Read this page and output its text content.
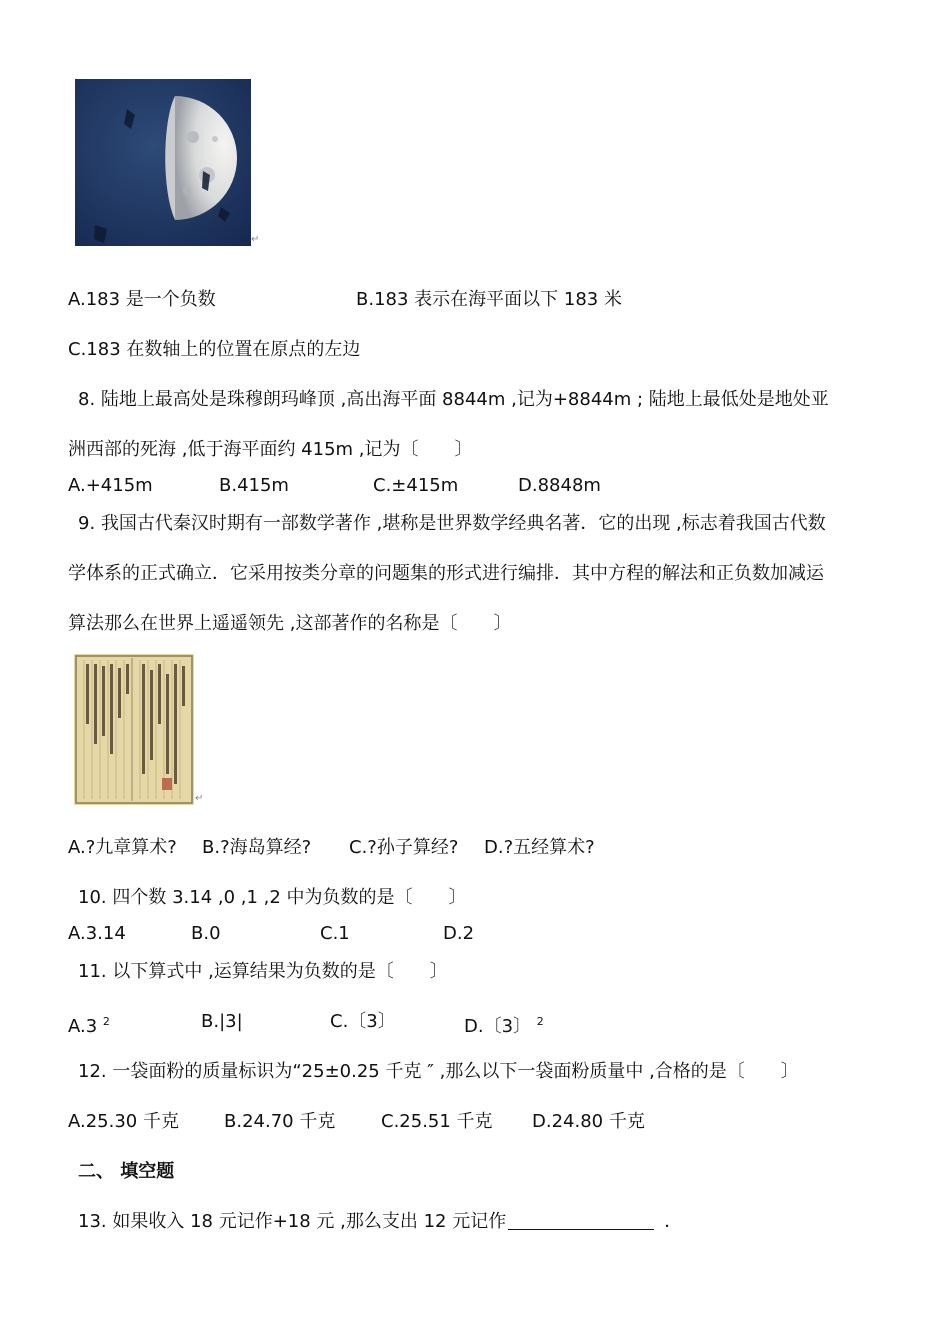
↵
A.183 是一个负数	B.183 表示在海平面以下 183 米
C.183 在数轴上的位置在原点的左边
8. 陆地上最高处是珠穆朗玛峰顶 ,高出海平面 8844m ,记为+8844m ; 陆地上最低处是地处亚
洲西部的死海 ,低于海平面约 415m ,记为〔　　〕
A.+415m	B.415m	C.±415m	D.8848m
9. 我国古代秦汉时期有一部数学著作 ,堪称是世界数学经典名著．它的出现 ,标志着我国古代数
学体系的正式确立．它采用按类分章的问题集的形式进行编排．其中方程的解法和正负数加减运
算法那么在世界上遥遥领先 ,这部著作的名称是〔　　〕
↵
A.?九章算术? B.?海岛算经? C.?孙子算经? D.?五经算术?
10. 四个数 3.14 ,0 ,1 ,2 中为负数的是〔　　〕
A.3.14	B.0	C.1	D.2
11. 以下算式中 ,运算结果为负数的是〔　　〕
A.3 $^2$	B.|3|	C.〔3〕	D.〔3〕 $^2$
12. 一袋面粉的质量标识为“25±0.25 千克 ″ ,那么以下一袋面粉质量中 ,合格的是〔　　〕
A.25.30 千克	B.24.70 千克	C.25.51 千克 D.24.80 千克
二、 填空题
13. 如果收入 18 元记作+18 元 ,那么支出 12 元记作	．
